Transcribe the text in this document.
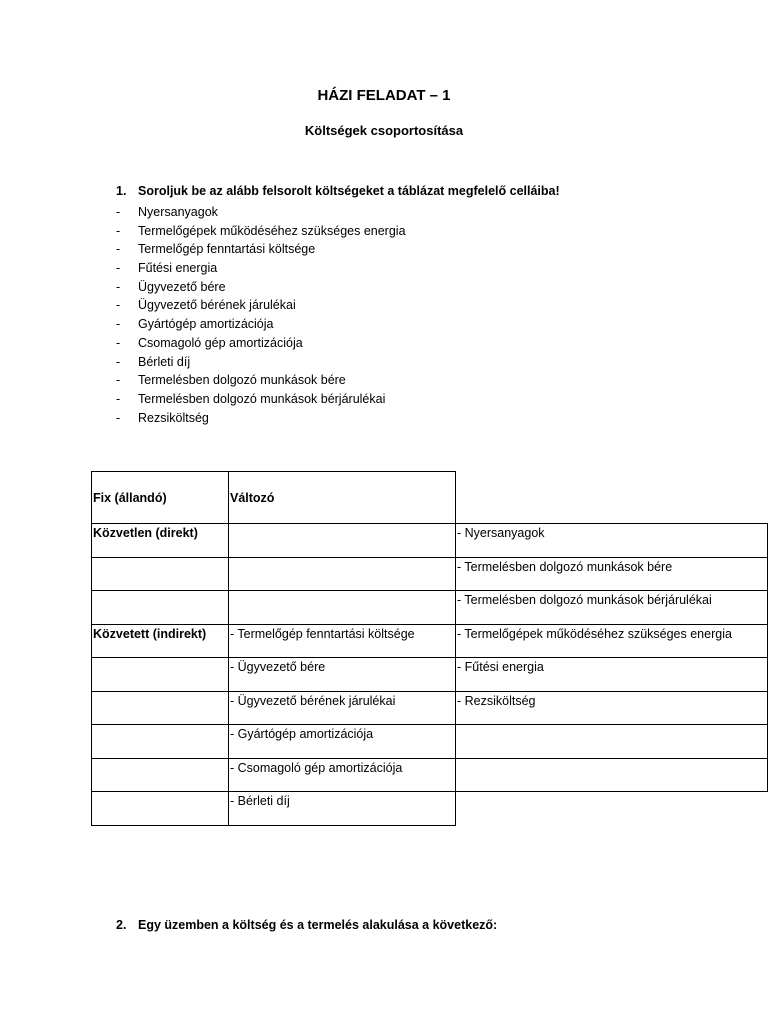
HÁZI FELADAT – 1
Költségek csoportosítása
1. Soroljuk be az alább felsorolt költségeket a táblázat megfelelő celláiba!
- Nyersanyagok
- Termelőgépek működéséhez szükséges energia
- Termelőgép fenntartási költsége
- Fűtési energia
- Ügyvezető bére
- Ügyvezető bérének járulékai
- Gyártógép amortizációja
- Csomagoló gép amortizációja
- Bérleti díj
- Termelésben dolgozó munkások bére
- Termelésben dolgozó munkások bérjárulékai
- Rezsiköltség
Fix (állandó)	Változó	
Közvetlen (direkt)		- Nyersanyagok
		- Termelésben dolgozó munkások bére
		- Termelésben dolgozó munkások bérjárulékai
Közvetett (indirekt)	- Termelőgép fenntartási költsége	- Termelőgépek működéséhez szükséges energia
	- Ügyvezető bére	- Fűtési energia
	- Ügyvezető bérének járulékai	- Rezsiköltség
	- Gyártógép amortizációja	
	- Csomagoló gép amortizációja	
	- Bérleti díj	
2. Egy üzemben a költség és a termelés alakulása a következő:
